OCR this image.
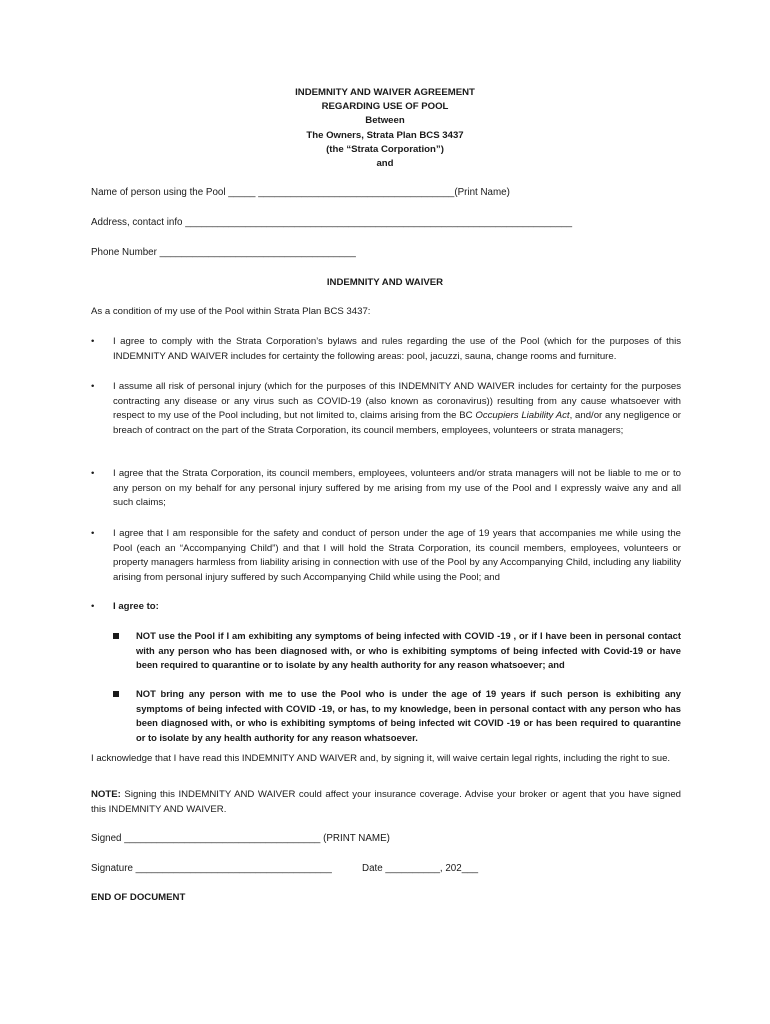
INDEMNITY AND WAIVER AGREEMENT
REGARDING USE OF POOL
Between
The Owners, Strata Plan BCS 3437
(the “Strata Corporation”)
and
Name of person using the Pool _____ ____________________________________(Print Name)
Address, contact info _______________________________________________________________________
Phone Number ____________________________________
INDEMNITY AND WAIVER
As a condition of my use of the Pool within Strata Plan BCS 3437:
•	I agree to comply with the Strata Corporation’s bylaws and rules regarding the use of the Pool (which for the purposes of this INDEMNITY AND WAIVER includes for certainty the following areas: pool, jacuzzi, sauna, change rooms and furniture.
•	I assume all risk of personal injury (which for the purposes of this INDEMNITY AND WAIVER includes for certainty for the purposes contracting any disease or any virus such as COVID-19 (also known as coronavirus)) resulting from any cause whatsoever with respect to my use of the Pool including, but not limited to, claims arising from the BC Occupiers Liability Act, and/or any negligence or breach of contract on the part of the Strata Corporation, its council members, employees, volunteers or strata managers;
•	I agree that the Strata Corporation, its council members, employees, volunteers and/or strata managers will not be liable to me or to any person on my behalf for any personal injury suffered by me arising from my use of the Pool and I expressly waive any and all such claims;
•	I agree that I am responsible for the safety and conduct of person under the age of 19 years that accompanies me while using the Pool (each an “Accompanying Child”) and that I will hold the Strata Corporation, its council members, employees, volunteers or property managers harmless from liability arising in connection with use of the Pool by any Accompanying Child, including any liability arising from personal injury suffered by such Accompanying Child while using the Pool; and
•	I agree to:
NOT use the Pool if I am exhibiting any symptoms of being infected with COVID -19 , or if I have been in personal contact with any person who has been diagnosed with, or who is exhibiting symptoms of being infected with Covid-19 or have been required to quarantine or to isolate by any health authority for any reason whatsoever; and
NOT bring any person with me to use the Pool who is under the age of 19 years if such person is exhibiting any symptoms of being infected with COVID -19, or has, to my knowledge, been in personal contact with any person who has been diagnosed with, or who is exhibiting symptoms of being infected wit COVID -19 or has been required to quarantine or to isolate by any health authority for any reason whatsoever.
I acknowledge that I have read this INDEMNITY AND WAIVER and, by signing it, will waive certain legal rights, including the right to sue.
NOTE: Signing this INDEMNITY AND WAIVER could affect your insurance coverage. Advise your broker or agent that you have signed this INDEMNITY AND WAIVER.
Signed ____________________________________ (PRINT NAME)
Signature ____________________________________	Date __________, 202___
END OF DOCUMENT
